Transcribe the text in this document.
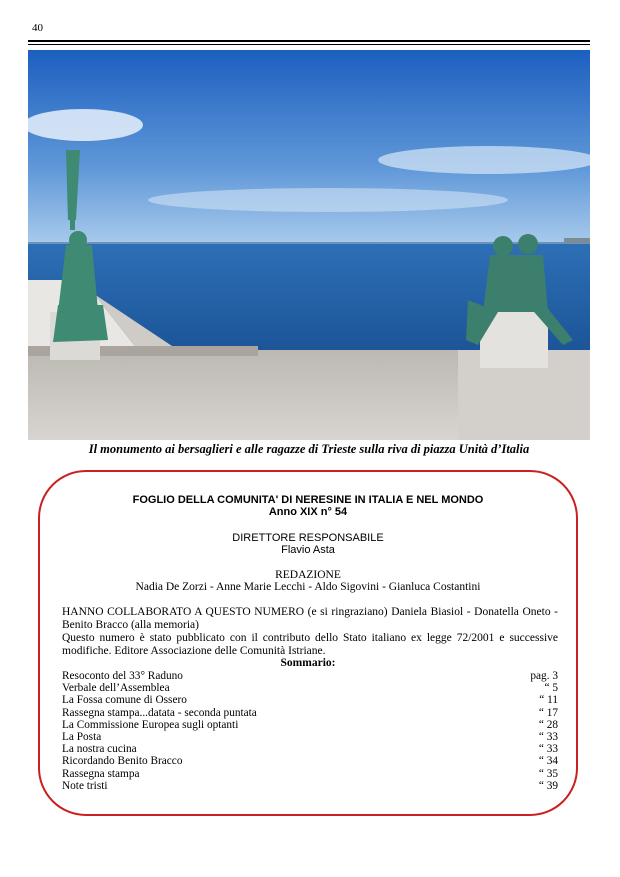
40
Il monumento ai bersaglieri e alle ragazze di Trieste sulla riva di piazza Unità d’Italia
FOGLIO DELLA COMUNITA' DI NERESINE IN ITALIA E NEL MONDO
Anno XIX n° 54
DIRETTORE RESPONSABILE
Flavio Asta
REDAZIONE
Nadia De Zorzi - Anne Marie Lecchi - Aldo Sigovini - Gianluca Costantini
HANNO COLLABORATO A QUESTO NUMERO (e si ringraziano) Daniela Biasiol - Donatella Oneto - Benito Bracco (alla memoria)
Questo numero è stato pubblicato con il contributo dello Stato italiano ex legge 72/2001 e successive modifiche. Editore Associazione delle Comunità Istriane.
Sommario:
Resoconto del 33° Raduno	pag. 3
Verbale dell’Assemblea	“ 5
La Fossa comune di Ossero	“ 11
Rassegna stampa...datata - seconda puntata	“ 17
La Commissione Europea sugli optanti	“ 28
La Posta	“ 33
La nostra cucina	“ 33
Ricordando Benito Bracco	“ 34
Rassegna stampa	“ 35
Note tristi	“ 39
